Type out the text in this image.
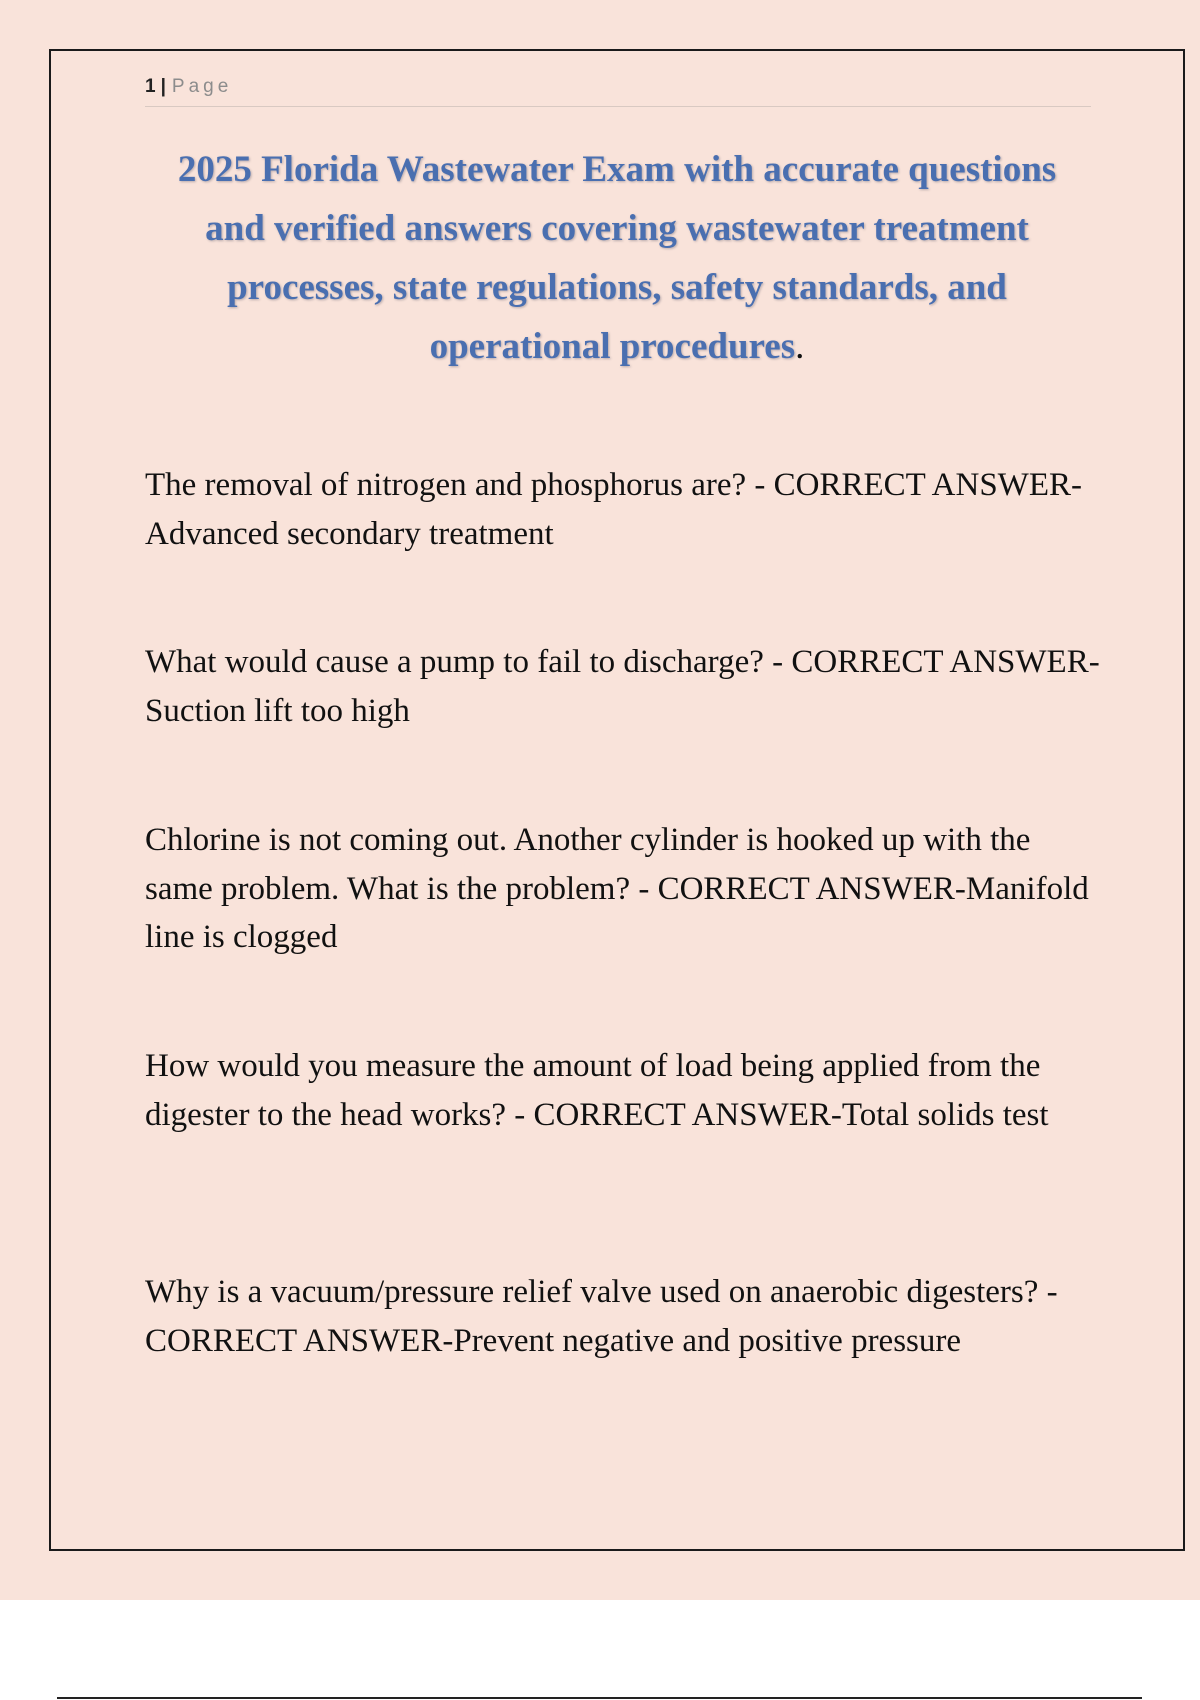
1 | Page
2025 Florida Wastewater Exam with accurate questions and verified answers covering wastewater treatment processes, state regulations, safety standards, and operational procedures.
The removal of nitrogen and phosphorus are? - CORRECT ANSWER-Advanced secondary treatment
What would cause a pump to fail to discharge? - CORRECT ANSWER-Suction lift too high
Chlorine is not coming out. Another cylinder is hooked up with the same problem. What is the problem? - CORRECT ANSWER-Manifold line is clogged
How would you measure the amount of load being applied from the digester to the head works? - CORRECT ANSWER-Total solids test
Why is a vacuum/pressure relief valve used on anaerobic digesters? - CORRECT ANSWER-Prevent negative and positive pressure
